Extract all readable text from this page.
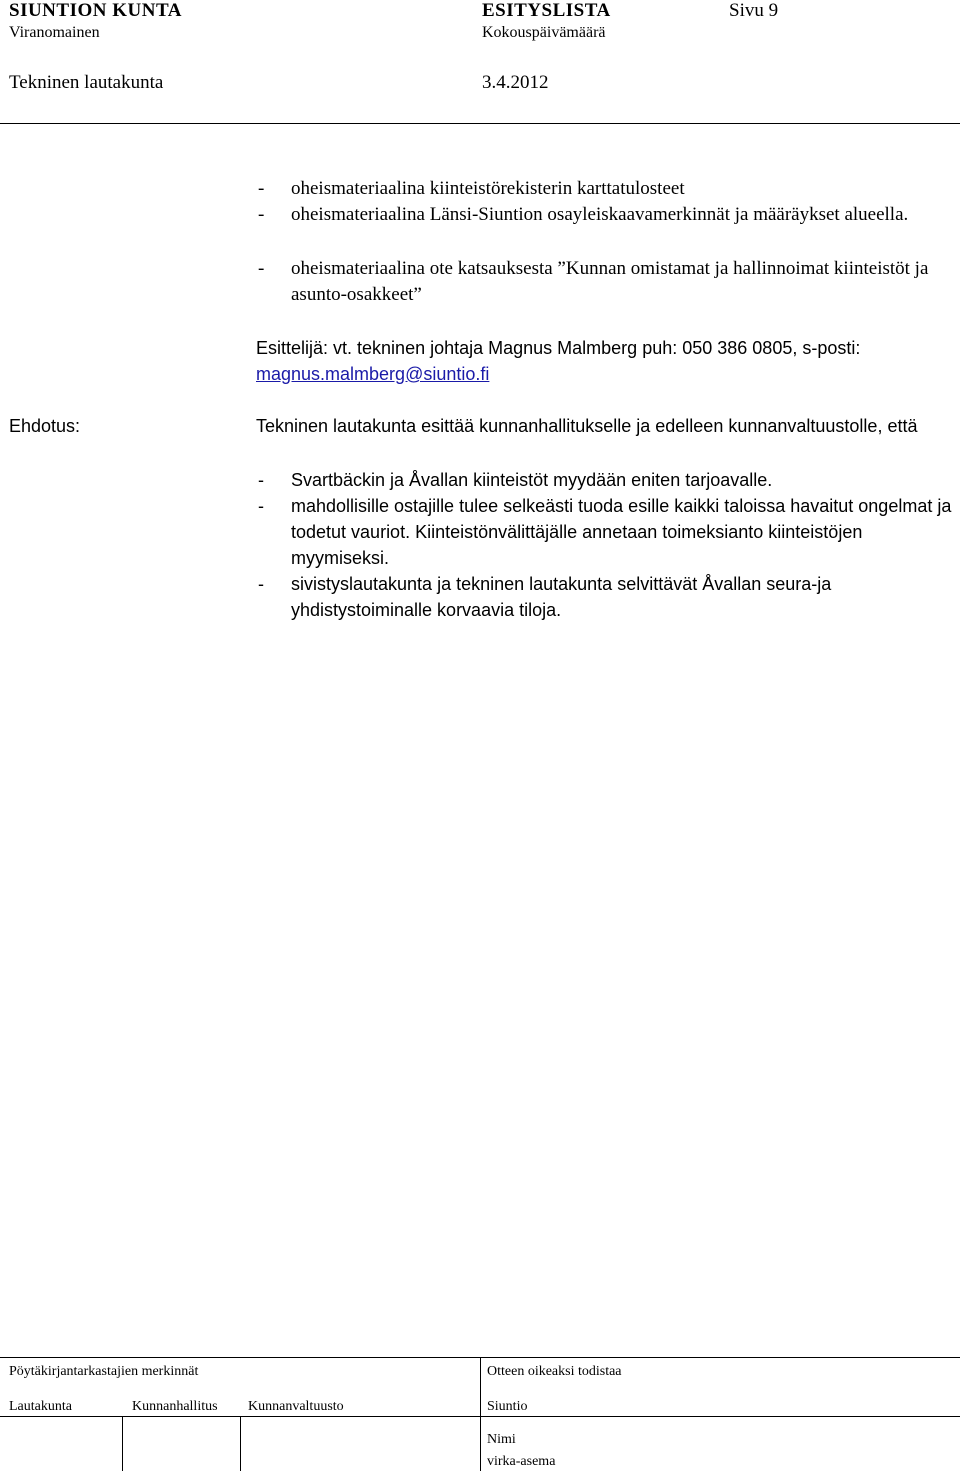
SIUNTION KUNTA	ESITYSLISTA	Sivu 9
Viranomainen	Kokouspäivämäärä
Tekninen lautakunta	3.4.2012
- oheismateriaalina kiinteistörekisterin karttatulosteet
- oheismateriaalina Länsi-Siuntion osayleiskaavamerkinnät ja määräykset alueella.
- oheismateriaalina ote katsauksesta ”Kunnan omistamat ja hallinnoimat kiinteistöt ja asunto-osakkeet”
Esittelijä: vt. tekninen johtaja Magnus Malmberg puh: 050 386 0805, s-posti: magnus.malmberg@siuntio.fi
Ehdotus:	Tekninen lautakunta esittää kunnanhallitukselle ja edelleen kunnanvaltuustolle, että
- Svartbäckin ja Åvallan kiinteistöt myydään eniten tarjoavalle.
- mahdollisille ostajille tulee selkeästi tuoda esille kaikki taloissa havaitut ongelmat ja todetut vauriot. Kiinteistönvälittäjälle annetaan toimeksianto kiinteistöjen myymiseksi.
- sivistyslautakunta ja tekninen lautakunta selvittävät Åvallan seura-ja yhdistystoiminalle korvaavia tiloja.
Pöytäkirjantarkastajien merkinnät	Otteen oikeaksi todistaa
Lautakunta	Kunnanhallitus Kunnanvaltuusto	Siuntio
Nimi
virka-asema
